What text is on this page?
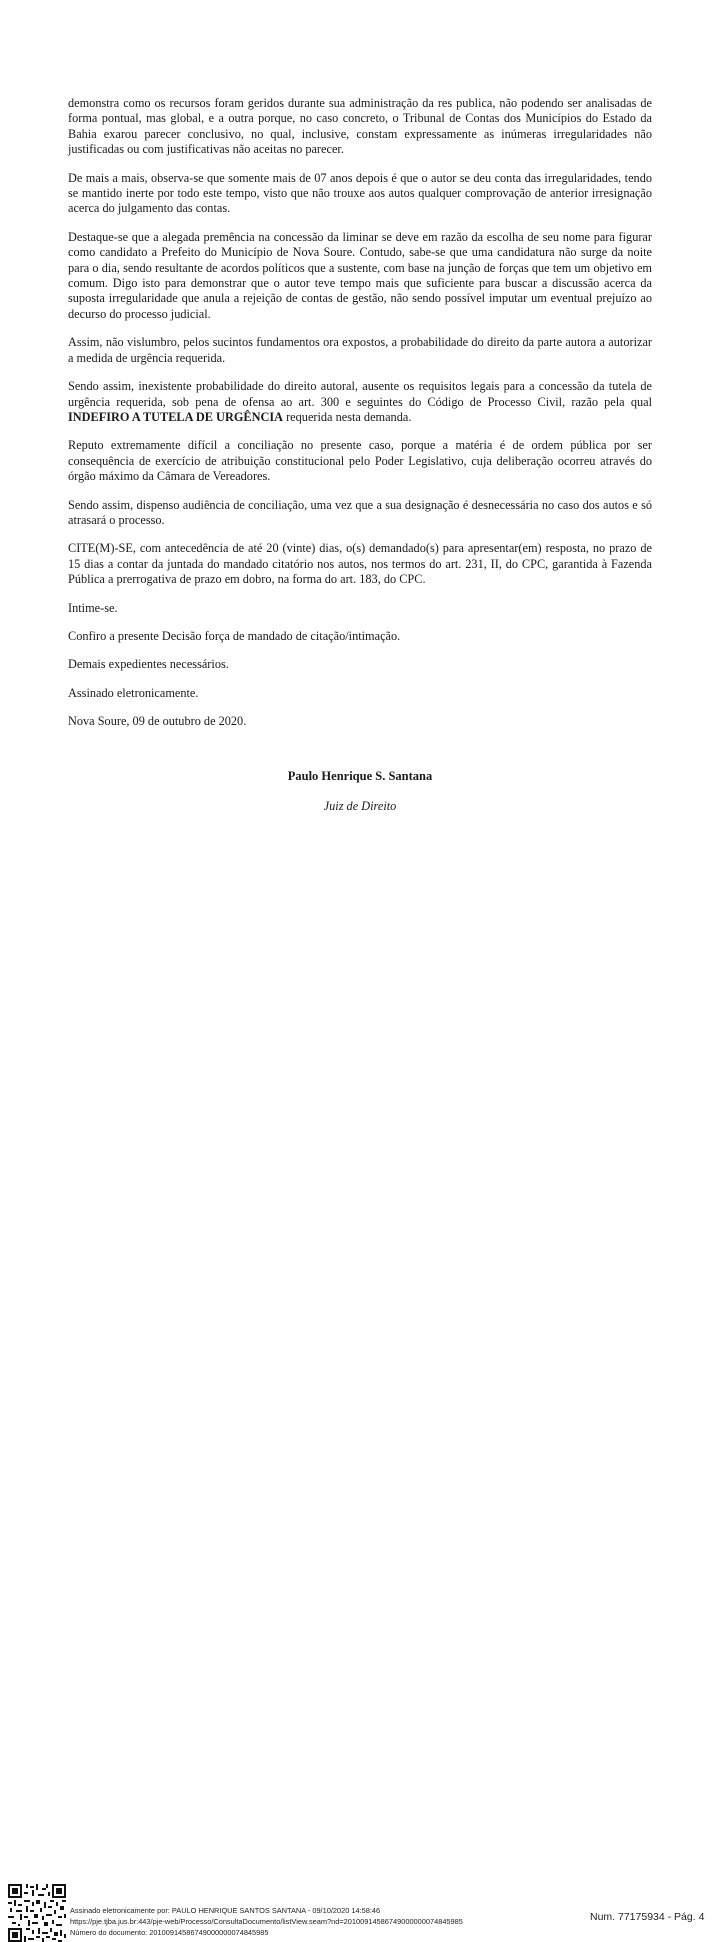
demonstra como os recursos foram geridos durante sua administração da res publica, não podendo ser analisadas de forma pontual, mas global, e a outra porque, no caso concreto, o Tribunal de Contas dos Municípios do Estado da Bahia exarou parecer conclusivo, no qual, inclusive, constam expressamente as inúmeras irregularidades não justificadas ou com justificativas não aceitas no parecer.

De mais a mais, observa-se que somente mais de 07 anos depois é que o autor se deu conta das irregularidades, tendo se mantido inerte por todo este tempo, visto que não trouxe aos autos qualquer comprovação de anterior irresignação acerca do julgamento das contas.

Destaque-se que a alegada premência na concessão da liminar se deve em razão da escolha de seu nome para figurar como candidato a Prefeito do Município de Nova Soure. Contudo, sabe-se que uma candidatura não surge da noite para o dia, sendo resultante de acordos políticos que a sustente, com base na junção de forças que tem um objetivo em comum. Digo isto para demonstrar que o autor teve tempo mais que suficiente para buscar a discussão acerca da suposta irregularidade que anula a rejeição de contas de gestão, não sendo possível imputar um eventual prejuízo ao decurso do processo judicial.

Assim, não vislumbro, pelos sucintos fundamentos ora expostos, a probabilidade do direito da parte autora a autorizar a medida de urgência requerida.

Sendo assim, inexistente probabilidade do direito autoral, ausente os requisitos legais para a concessão da tutela de urgência requerida, sob pena de ofensa ao art. 300 e seguintes do Código de Processo Civil, razão pela qual INDEFIRO A TUTELA DE URGÊNCIA requerida nesta demanda.

Reputo extremamente difícil a conciliação no presente caso, porque a matéria é de ordem pública por ser consequência de exercício de atribuição constitucional pelo Poder Legislativo, cuja deliberação ocorreu através do órgão máximo da Câmara de Vereadores.

Sendo assim, dispenso audiência de conciliação, uma vez que a sua designação é desnecessária no caso dos autos e só atrasará o processo.

CITE(M)-SE, com antecedência de até 20 (vinte) dias, o(s) demandado(s) para apresentar(em) resposta, no prazo de 15 dias a contar da juntada do mandado citatório nos autos, nos termos do art. 231, II, do CPC, garantida à Fazenda Pública a prerrogativa de prazo em dobro, na forma do art. 183, do CPC.

Intime-se.

Confiro a presente Decisão força de mandado de citação/intimação.

Demais expedientes necessários.

Assinado eletronicamente.

Nova Soure, 09 de outubro de 2020.

Paulo Henrique S. Santana
Juiz de Direito
Assinado eletronicamente por: PAULO HENRIQUE SANTOS SANTANA - 09/10/2020 14:58:46
https://pje.tjba.jus.br:443/pje-web/Processo/ConsultaDocumento/listView.seam?nd=20100914586749000000074845985
Número do documento: 20100914586749000000074845985
Num. 77175934 - Pág. 4
